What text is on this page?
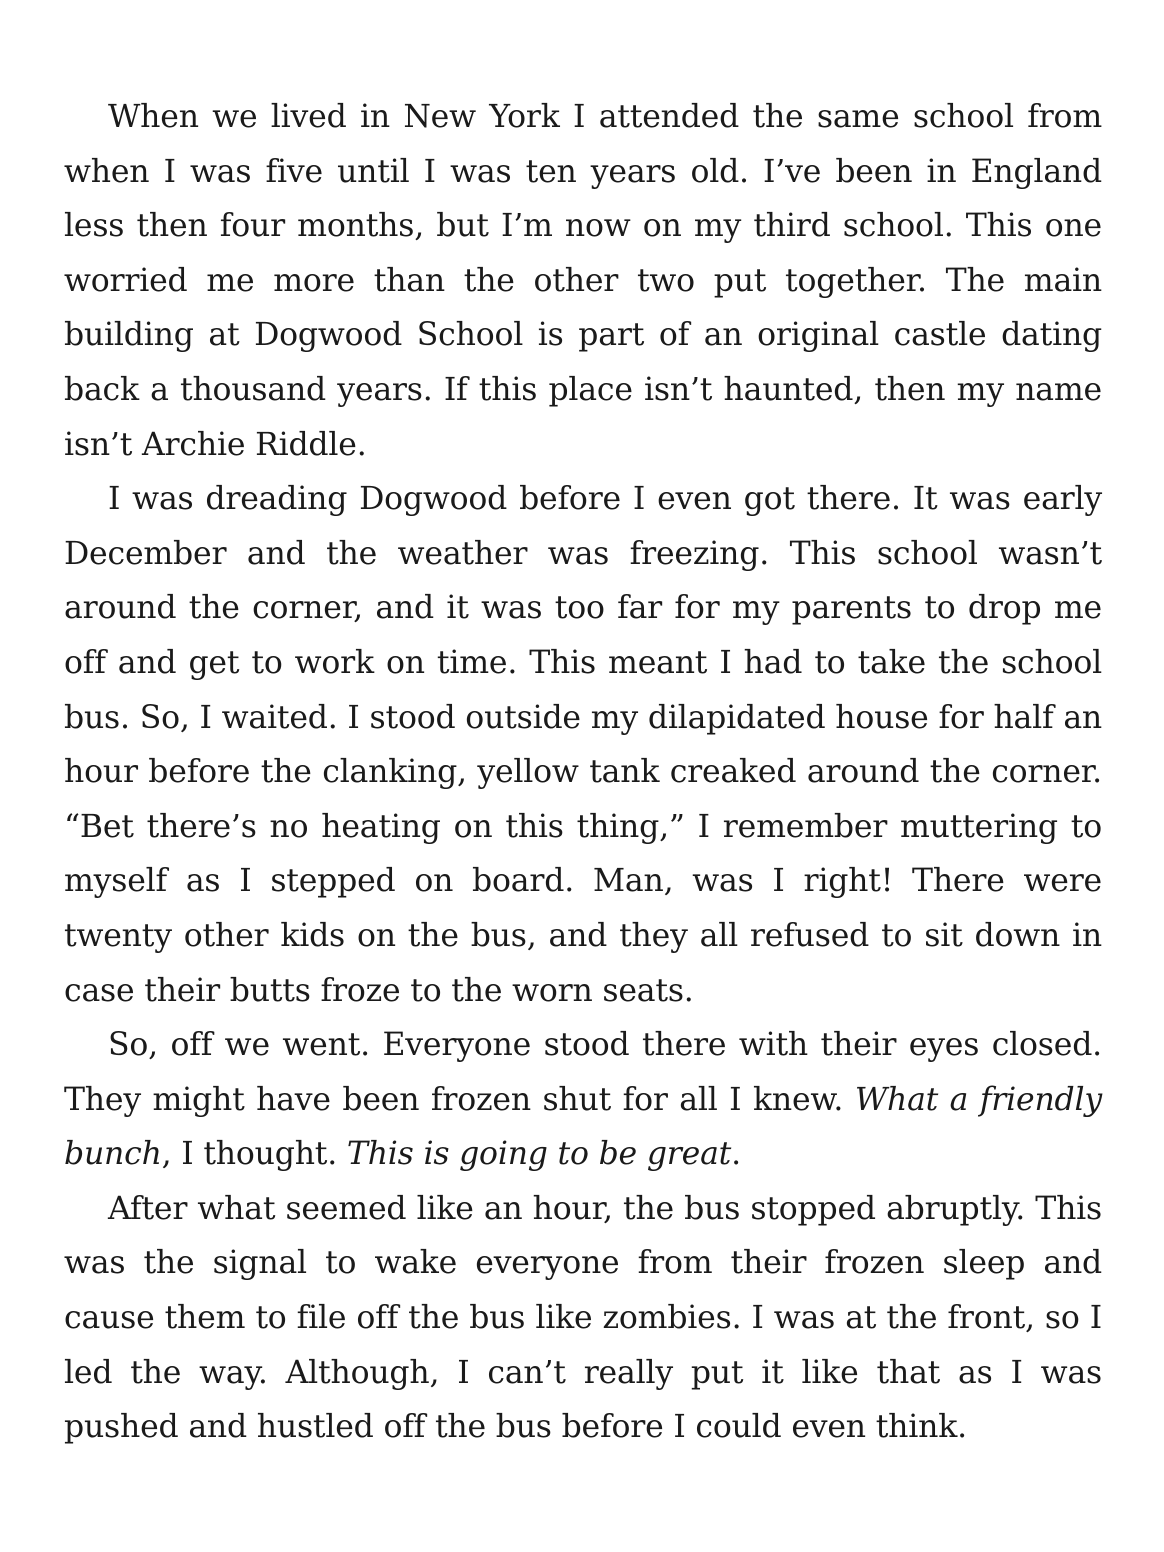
When we lived in New York I attended the same school from when I was five until I was ten years old. I’ve been in England less then four months, but I’m now on my third school. This one worried me more than the other two put together. The main building at Dogwood School is part of an original castle dating back a thousand years. If this place isn’t haunted, then my name isn’t Archie Riddle.

I was dreading Dogwood before I even got there. It was early December and the weather was freezing. This school wasn’t around the corner, and it was too far for my parents to drop me off and get to work on time. This meant I had to take the school bus. So, I waited. I stood outside my dilapidated house for half an hour before the clanking, yellow tank creaked around the corner. “Bet there’s no heating on this thing,” I remember muttering to myself as I stepped on board. Man, was I right! There were twenty other kids on the bus, and they all refused to sit down in case their butts froze to the worn seats.

So, off we went. Everyone stood there with their eyes closed. They might have been frozen shut for all I knew. What a friendly bunch, I thought. This is going to be great.

After what seemed like an hour, the bus stopped abruptly. This was the signal to wake everyone from their frozen sleep and cause them to file off the bus like zombies. I was at the front, so I led the way. Although, I can’t really put it like that as I was pushed and hustled off the bus before I could even think.
